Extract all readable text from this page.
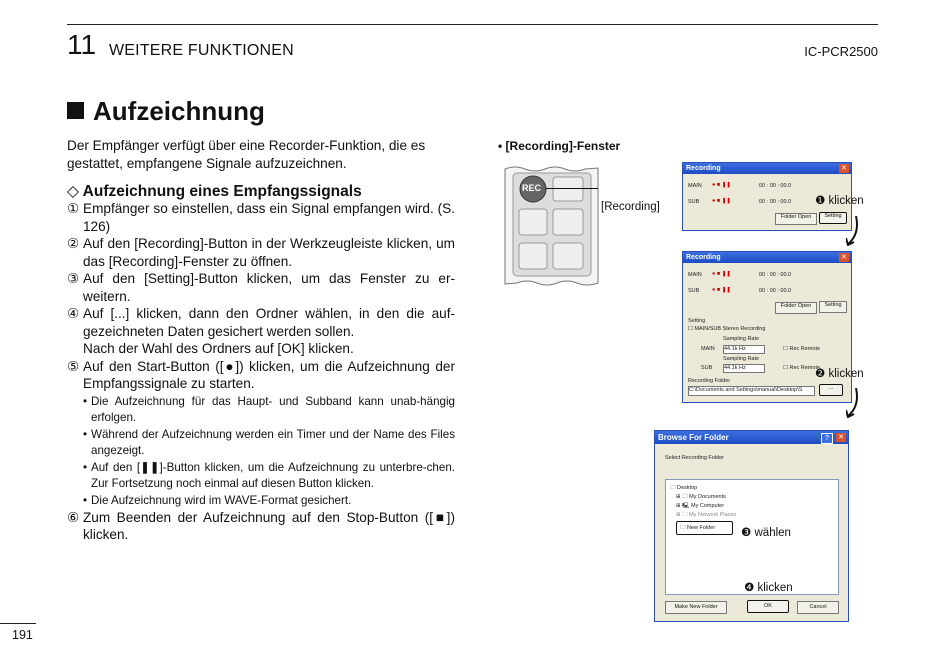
11 WEITERE FUNKTIONEN	IC-PCR2500
Aufzeichnung
Der Empfänger verfügt über eine Recorder-Funktion, die es gestattet, empfangene Signale aufzuzeichnen.
◇ Aufzeichnung eines Empfangssignals
① Empfänger so einstellen, dass ein Signal empfangen wird. (S. 126)
② Auf den [Recording]-Button in der Werkzeugleiste klicken, um das [Recording]-Fenster zu öffnen.
③ Auf den [Setting]-Button klicken, um das Fenster zu er-weitern.
④ Auf [...] klicken, dann den Ordner wählen, in den die auf-gezeichneten Daten gesichert werden sollen.
Nach der Wahl des Ordners auf [OK] klicken.
⑤ Auf den Start-Button ([●]) klicken, um die Aufzeichnung der Empfangssignale zu starten.
• Die Aufzeichnung für das Haupt- und Subband kann unab-hängig erfolgen.
• Während der Aufzeichnung werden ein Timer und der Name des Files angezeigt.
• Auf den [❚❚]-Button klicken, um die Aufzeichnung zu unterbre-chen. Zur Fortsetzung noch einmal auf diesen Button klicken.
• Die Aufzeichnung wird im WAVE-Format gesichert.
⑥ Zum Beenden der Aufzeichnung auf den Stop-Button ([■]) klicken.
191
• [Recording]-Fenster
REC
[Recording]
Recording	✕
MAIN
SUB
● ■ ❚❚
● ■ ❚❚
00 : 00 : 00.0
00 : 00 : 00.0
Folder Open	Setting
❶ klicken
Recording	✕
MAIN
SUB
● ■ ❚❚
● ■ ❚❚
00 : 00 : 00.0
00 : 00 : 00.0
Folder Open	Setting
Setting
☐ MAIN/SUB Stereo Recording
Sampling Rate
MAIN 44.1k Hz	☐ Rec Remote
Sampling Rate
SUB 44.1k Hz	☐ Rec Remote
Recording Folder
C:\Documents and Settings\manual\Desktop\S	...
❷ klicken
Browse For Folder	✕
?
Select Recording Folder
🗀 Desktop
⊞ 🗀 My Documents
⊞ 🖳 My Computer
⊞ 🗀 My Network Places
🗀 New Folder
Make New Folder	OK	Cancel
❸ wählen
❹ klicken
